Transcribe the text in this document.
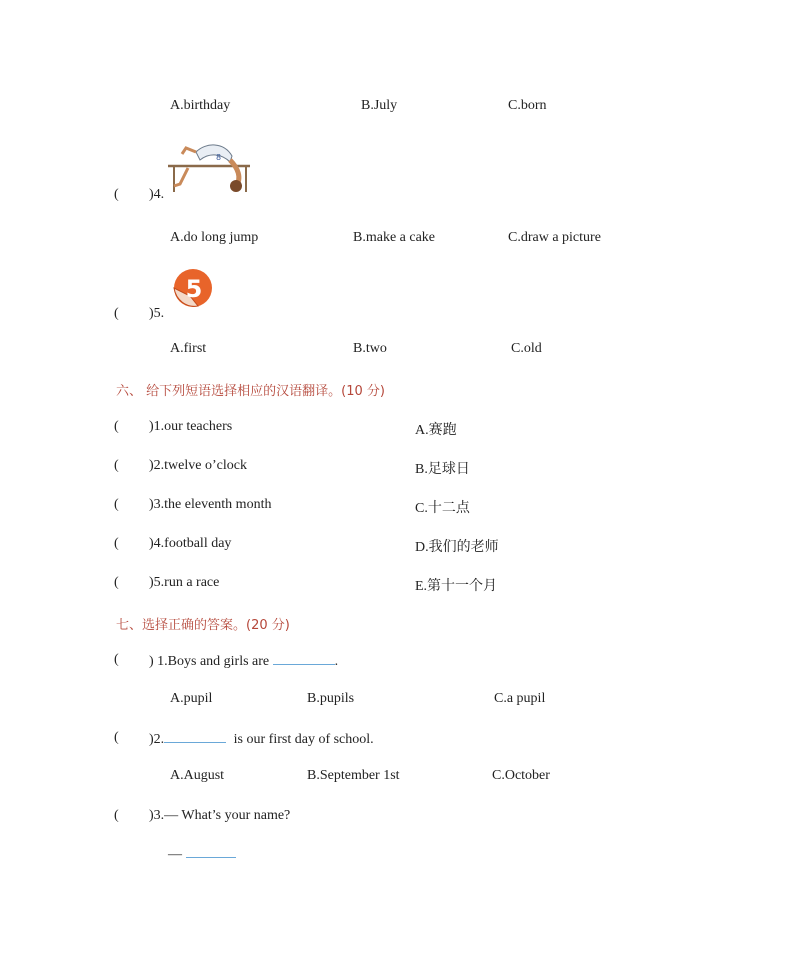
A.birthday	B.July	C.born
8
( )4.
A.do long jump	B.make a cake	C.draw a picture
5
( )5.
A.first	B.two	C.old
六、 给下列短语选择相应的汉语翻译。(10 分)
( )1.our teachers	A.赛跑
( )2.twelve o’clock	B.足球日
( )3.the eleventh month	C.十二点
( )4.football day	D.我们的老师
( )5.run a race	E.第十一个月
七、选择正确的答案。(20 分)
( ) 1.Boys and girls are	.
A.pupil	B.pupils	C.a pupil
( )2.	is our first day of school.
A.August	B.September 1st	C.October
( )3.— What’s your name?
—
